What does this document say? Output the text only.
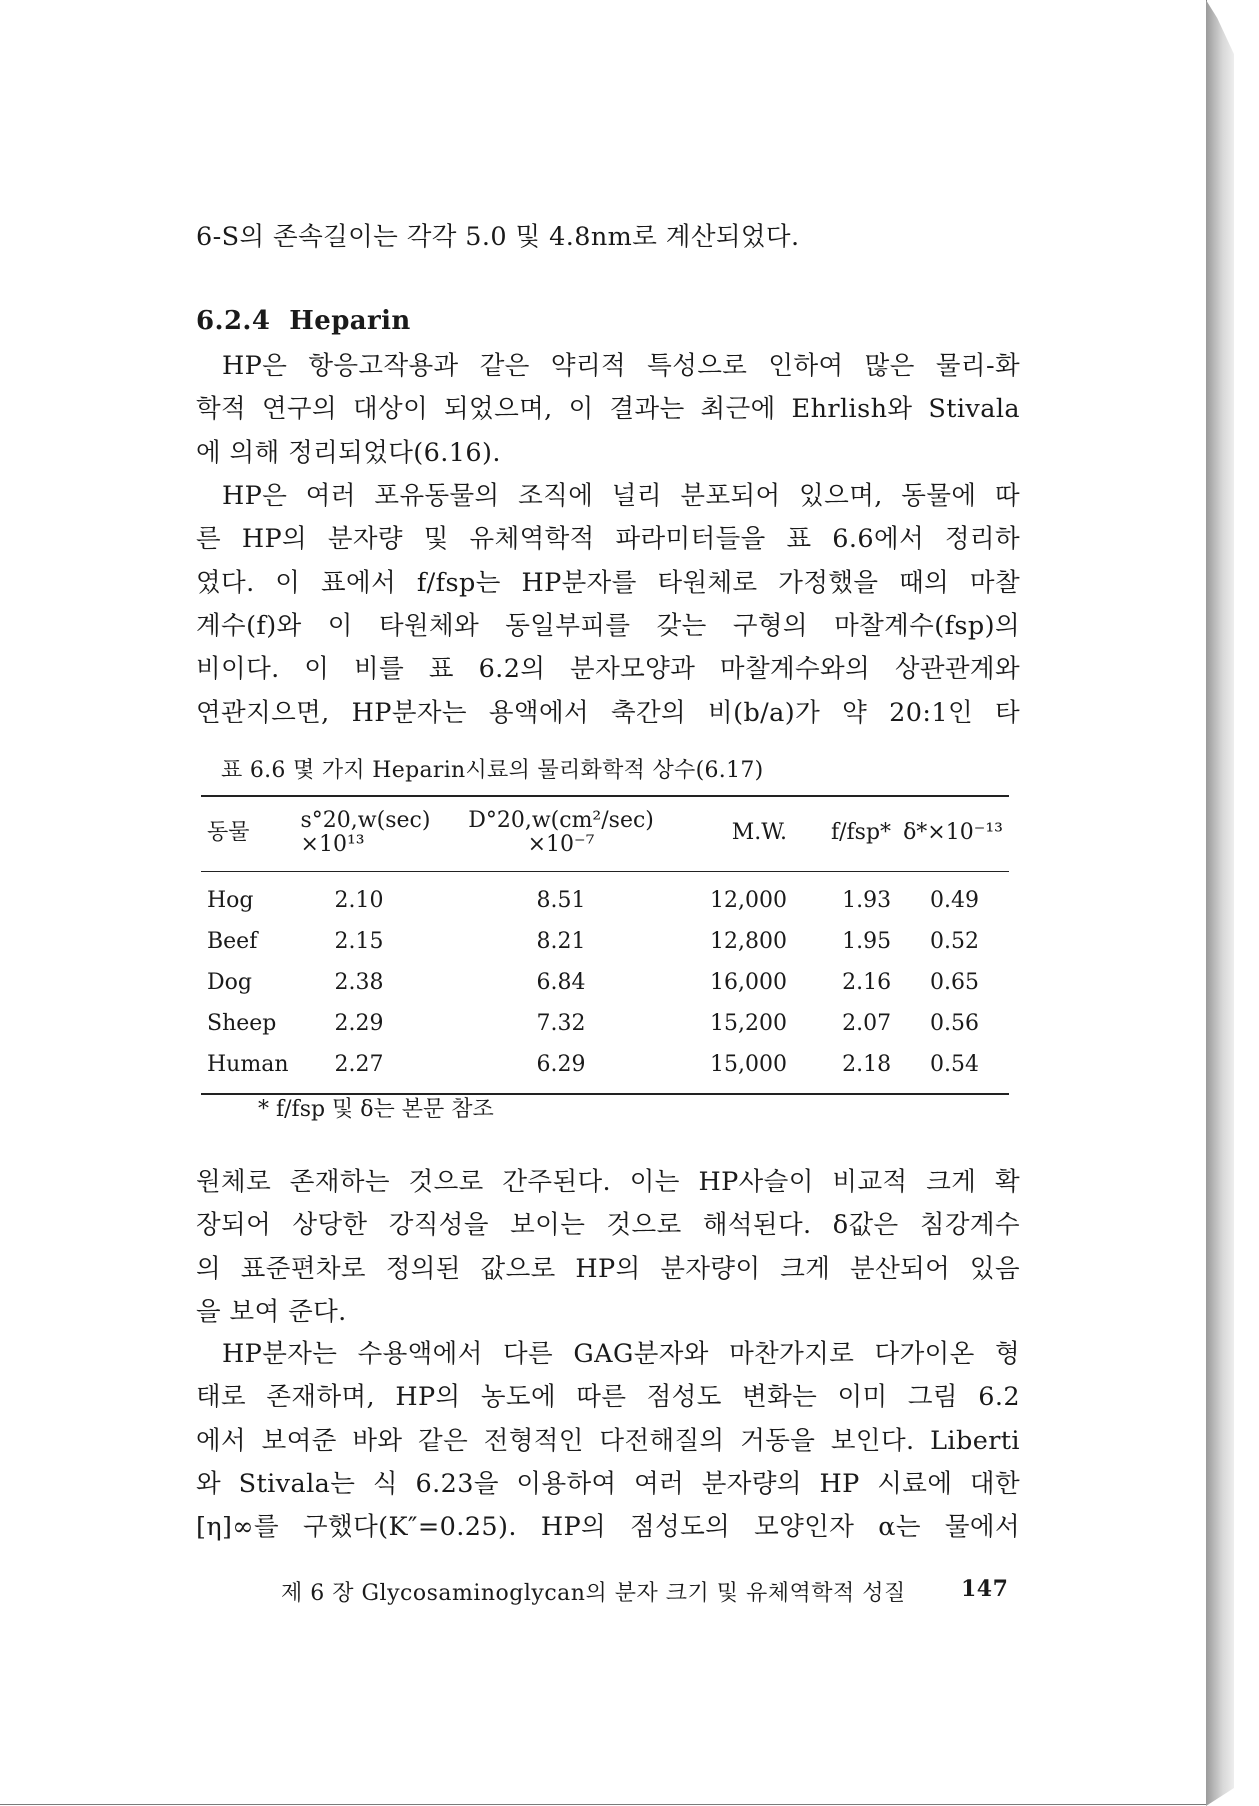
6-S의 존속길이는 각각 5.0 및 4.8nm로 계산되었다.
6.2.4 Heparin
HP은 항응고작용과 같은 약리적 특성으로 인하여 많은 물리-화
학적 연구의 대상이 되었으며, 이 결과는 최근에 Ehrlish와 Stivala
에 의해 정리되었다(6.16).
HP은 여러 포유동물의 조직에 널리 분포되어 있으며, 동물에 따
른 HP의 분자량 및 유체역학적 파라미터들을 표 6.6에서 정리하
였다. 이 표에서 f/fsp는 HP분자를 타원체로 가정했을 때의 마찰
계수(f)와 이 타원체와 동일부피를 갖는 구형의 마찰계수(fsp)의
비이다. 이 비를 표 6.2의 분자모양과 마찰계수와의 상관관계와
연관지으면, HP분자는 용액에서 축간의 비(b/a)가 약 20:1인 타
표 6.6 몇 가지 Heparin시료의 물리화학적 상수(6.17)
동물	s°20,w(sec) ×10¹³	D°20,w(cm²/sec) ×10⁻⁷	M.W.	f/fsp*	δ*×10⁻¹³
Hog	2.10	8.51	12,000	1.93	0.49
Beef	2.15	8.21	12,800	1.95	0.52
Dog	2.38	6.84	16,000	2.16	0.65
Sheep	2.29	7.32	15,200	2.07	0.56
Human	2.27	6.29	15,000	2.18	0.54
* f/fsp 및 δ는 본문 참조
원체로 존재하는 것으로 간주된다. 이는 HP사슬이 비교적 크게 확
장되어 상당한 강직성을 보이는 것으로 해석된다. δ값은 침강계수
의 표준편차로 정의된 값으로 HP의 분자량이 크게 분산되어 있음
을 보여 준다.
HP분자는 수용액에서 다른 GAG분자와 마찬가지로 다가이온 형
태로 존재하며, HP의 농도에 따른 점성도 변화는 이미 그림 6.2
에서 보여준 바와 같은 전형적인 다전해질의 거동을 보인다. Liberti
와 Stivala는 식 6.23을 이용하여 여러 분자량의 HP 시료에 대한
[η]∞를 구했다(K″=0.25). HP의 점성도의 모양인자 α는 물에서
제 6 장 Glycosaminoglycan의 분자 크기 및 유체역학적 성질	147
